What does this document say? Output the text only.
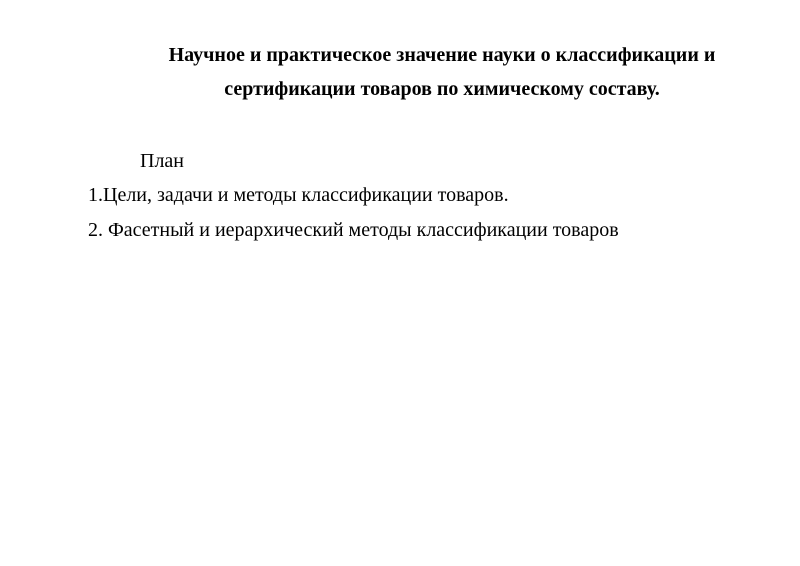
Научное и практическое значение науки о классификации и
сертификации товаров по химическому составу.

План

1.Цели, задачи и методы классификации товаров.
2. Фасетный и иерархический методы классификации товаров
